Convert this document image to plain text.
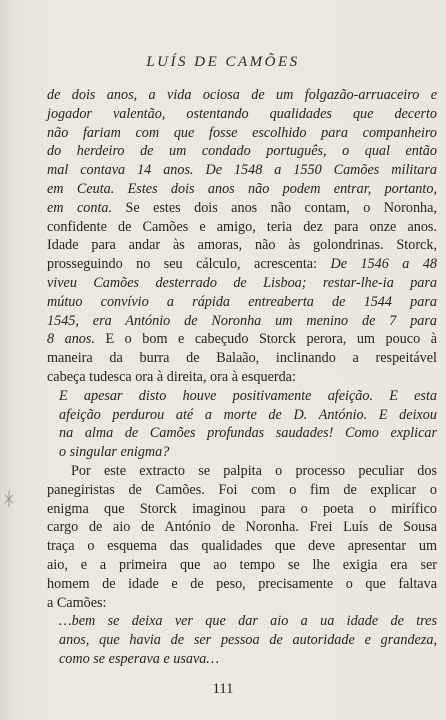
LUÍS DE CAMÕES
de dois anos, a vida ociosa de um folgazão-arruaceiro e
jogador valentão, ostentando qualidades que decerto
não fariam com que fosse escolhido para companheiro
do herdeiro de um condado português, o qual então
mal contava 14 anos. De 1548 a 1550 Camões militara
em Ceuta. Estes dois anos não podem entrar, portanto,
em conta. Se estes dois anos não contam, o Noronha,
confidente de Camões e amigo, teria dez para onze anos.
Idade para andar às amoras, não às golondrinas. Storck,
prosseguindo no seu cálculo, acrescenta: De 1546 a 48
viveu Camões desterrado de Lisboa; restar-lhe-ia para
mútuo convívio a rápida entreaberta de 1544 para
1545, era António de Noronha um menino de 7 para
8 anos. E o bom e cabeçudo Storck perora, um pouco à
maneira da burra de Balaão, inclinando a respeitável
cabeça tudesca ora à direita, ora à esquerda:
E apesar disto houve positivamente afeição. E esta
afeição perdurou até a morte de D. António. E deixou
na alma de Camões profundas saudades! Como explicar
o singular enigma?
Por este extracto se palpita o processo peculiar dos
panegiristas de Camões. Foi com o fim de explicar o
enigma que Storck imaginou para o poeta o mirífico
cargo de aio de António de Noronha. Frei Luís de Sousa
traça o esquema das qualidades que deve apresentar um
aio, e a primeira que ao tempo se lhe exigia era ser
homem de idade e de peso, precisamente o que faltava
a Camões:
…bem se deixa ver que dar aio a ua idade de tres
anos, que havia de ser pessoa de autoridade e grandeza,
como se esperava e usava…
111
